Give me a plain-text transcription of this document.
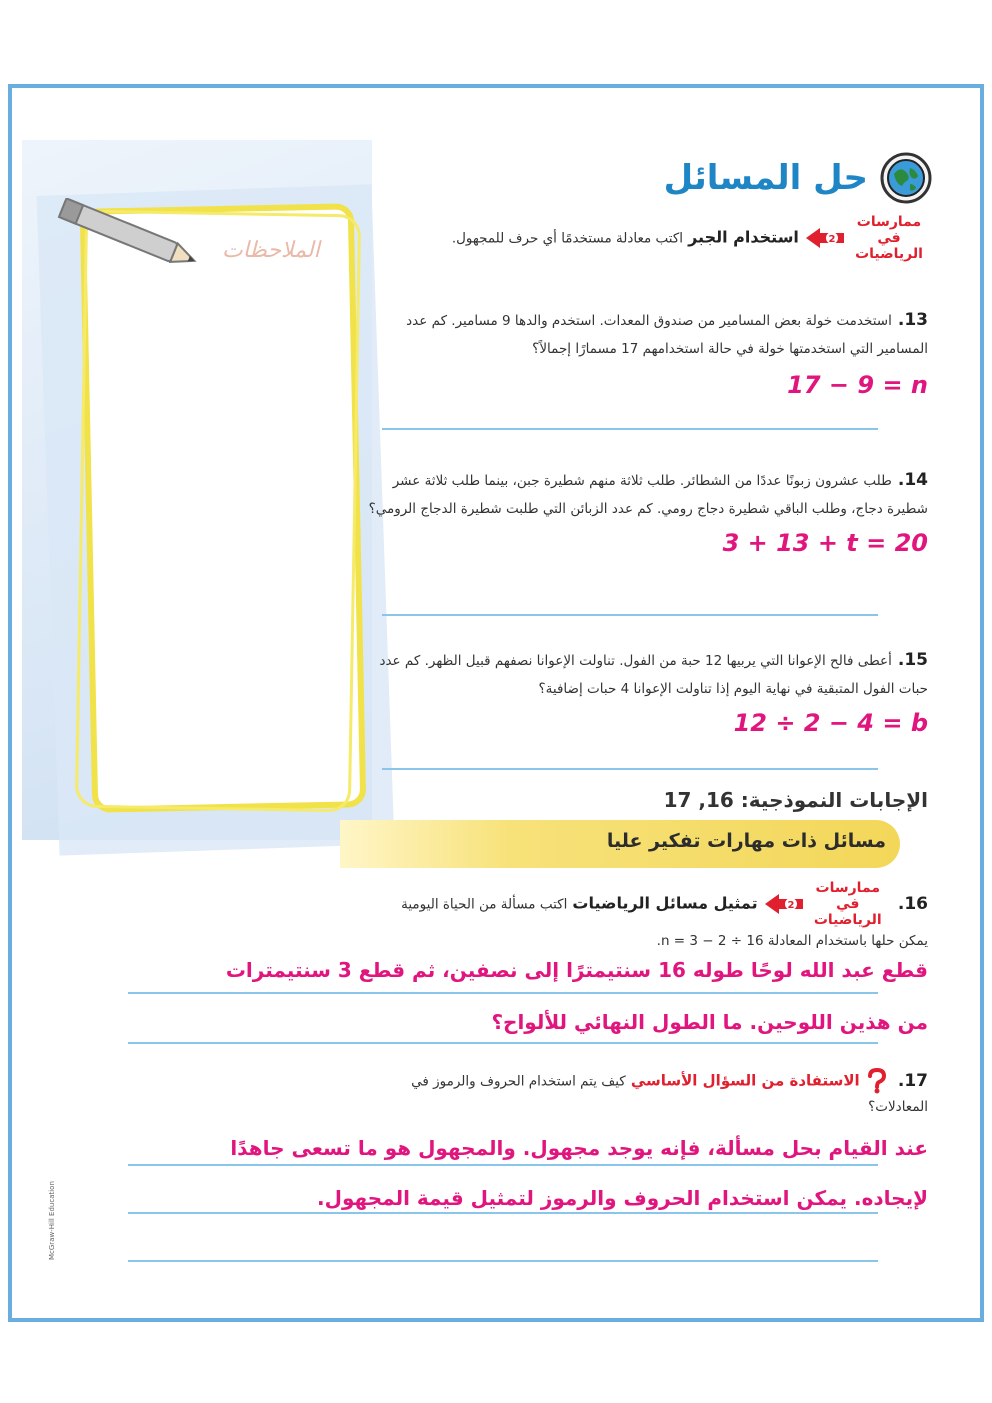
الملاحظات
حل المسائل
ممارسات في الرياضيات
2
استخدام الجبر اكتب معادلة مستخدمًا أي حرف للمجهول.
13.استخدمت خولة بعض المسامير من صندوق المعدات. استخدم والدها 9 مسامير. كم عدد المسامير التي استخدمتها خولة في حالة استخدامهم 17 مسمارًا إجمالاً؟
17 − 9 = n
14.طلب عشرون زبونًا عددًا من الشطائر. طلب ثلاثة منهم شطيرة جبن، بينما طلب ثلاثة عشر شطيرة دجاج، وطلب الباقي شطيرة دجاج رومي. كم عدد الزبائن التي طلبت شطيرة الدجاج الرومي؟
3 + 13 + t = 20
15.أعطى فالح الإعوانا التي يربيها 12 حبة من الفول. تناولت الإعوانا نصفهم قبيل الظهر. كم عدد حبات الفول المتبقية في نهاية اليوم إذا تناولت الإعوانا 4 حبات إضافية؟
12 ÷ 2 − 4 = b
الإجابات النموذجية: 16, 17
مسائل ذات مهارات تفكير عليا
16.
ممارسات في الرياضيات
2
تمثيل مسائل الرياضيات اكتب مسألة من الحياة اليومية يمكن حلها باستخدام المعادلة n = 3 − 2 ÷ 16.
قطع عبد الله لوحًا طوله 16 سنتيمترًا إلى نصفين، ثم قطع 3 سنتيمترات
من هذين اللوحين. ما الطول النهائي للألواح؟
17.  الاستفادة من السؤال الأساسي كيف يتم استخدام الحروف والرموز في المعادلات؟
عند القيام بحل مسألة، فإنه يوجد مجهول. والمجهول هو ما تسعى جاهدًا
لإيجاده. يمكن استخدام الحروف والرموز لتمثيل قيمة المجهول.
McGraw-Hill Education
